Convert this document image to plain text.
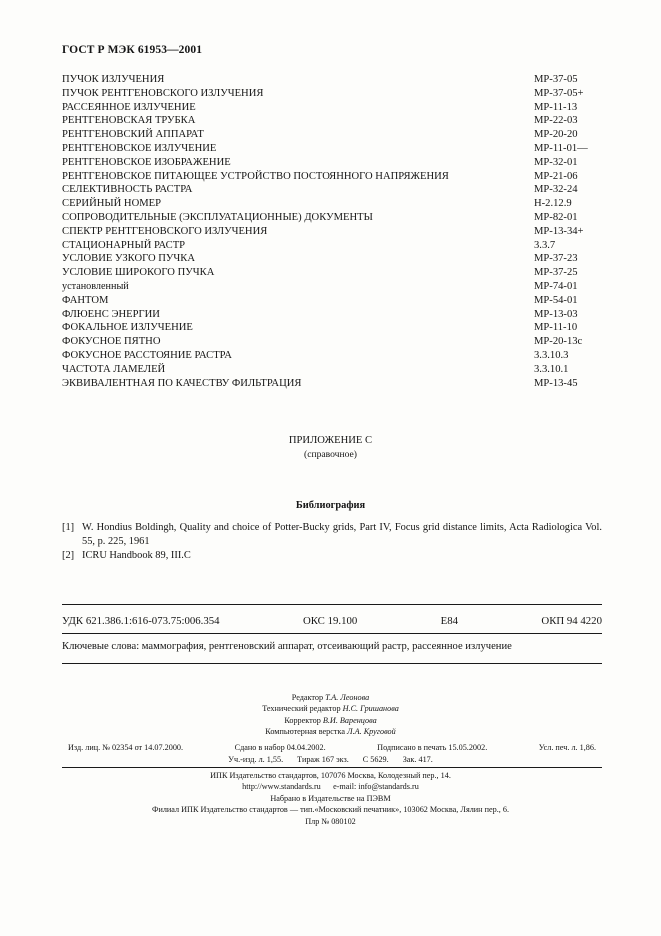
ГОСТ Р МЭК 61953—2001
ПУЧОК ИЗЛУЧЕНИЯ	МР-37-05
ПУЧОК РЕНТГЕНОВСКОГО ИЗЛУЧЕНИЯ	МР-37-05+
РАССЕЯННОЕ ИЗЛУЧЕНИЕ	МР-11-13
РЕНТГЕНОВСКАЯ ТРУБКА	МР-22-03
РЕНТГЕНОВСКИЙ АППАРАТ	МР-20-20
РЕНТГЕНОВСКОЕ ИЗЛУЧЕНИЕ	МР-11-01—
РЕНТГЕНОВСКОЕ ИЗОБРАЖЕНИЕ	МР-32-01
РЕНТГЕНОВСКОЕ ПИТАЮЩЕЕ УСТРОЙСТВО ПОСТОЯННОГО НАПРЯЖЕНИЯ	МР-21-06
СЕЛЕКТИВНОСТЬ РАСТРА	МР-32-24
СЕРИЙНЫЙ НОМЕР	Н-2.12.9
СОПРОВОДИТЕЛЬНЫЕ (ЭКСПЛУАТАЦИОННЫЕ) ДОКУМЕНТЫ	МР-82-01
СПЕКТР РЕНТГЕНОВСКОГО ИЗЛУЧЕНИЯ	МР-13-34+
СТАЦИОНАРНЫЙ РАСТР	3.3.7
УСЛОВИЕ УЗКОГО ПУЧКА	МР-37-23
УСЛОВИЕ ШИРОКОГО ПУЧКА	МР-37-25
установленный	МР-74-01
ФАНТОМ	МР-54-01
ФЛЮЕНС ЭНЕРГИИ	МР-13-03
ФОКАЛЬНОЕ ИЗЛУЧЕНИЕ	МР-11-10
ФОКУСНОЕ ПЯТНО	МР-20-13с
ФОКУСНОЕ РАССТОЯНИЕ РАСТРА	3.3.10.3
ЧАСТОТА ЛАМЕЛЕЙ	3.3.10.1
ЭКВИВАЛЕНТНАЯ ПО КАЧЕСТВУ ФИЛЬТРАЦИЯ	МР-13-45
ПРИЛОЖЕНИЕ С
(справочное)
Библиография
[1] W. Hondius Boldingh, Quality and choice of Potter-Bucky grids, Part IV, Focus grid distance limits, Acta Radiologica Vol. 55, p. 225, 1961
[2] ICRU Handbook 89, III.C
УДК 621.386.1:616-073.75:006.354	ОКС 19.100	Е84	ОКП 94 4220
Ключевые слова: маммография, рентгеновский аппарат, отсеивающий растр, рассеянное излучение
Редактор Т.А. Леонова
Технический редактор Н.С. Гришанова
Корректор В.И. Варенцова
Компьютерная верстка Л.А. Круговой
Изд. лиц. № 02354 от 14.07.2000.	Сдано в набор 04.04.2002.	Подписано в печать 15.05.2002.	Усл. печ. л. 1,86.
Уч.-изд. л. 1,55. Тираж 167 экз. С 5629. Зак. 417.
ИПК Издательство стандартов, 107076 Москва, Колодезный пер., 14.
http://www.standards.ru e-mail: info@standards.ru
Набрано в Издательстве на ПЭВМ
Филиал ИПК Издательство стандартов — тип.«Московский печатник», 103062 Москва, Лялин пер., 6.
Плр № 080102
